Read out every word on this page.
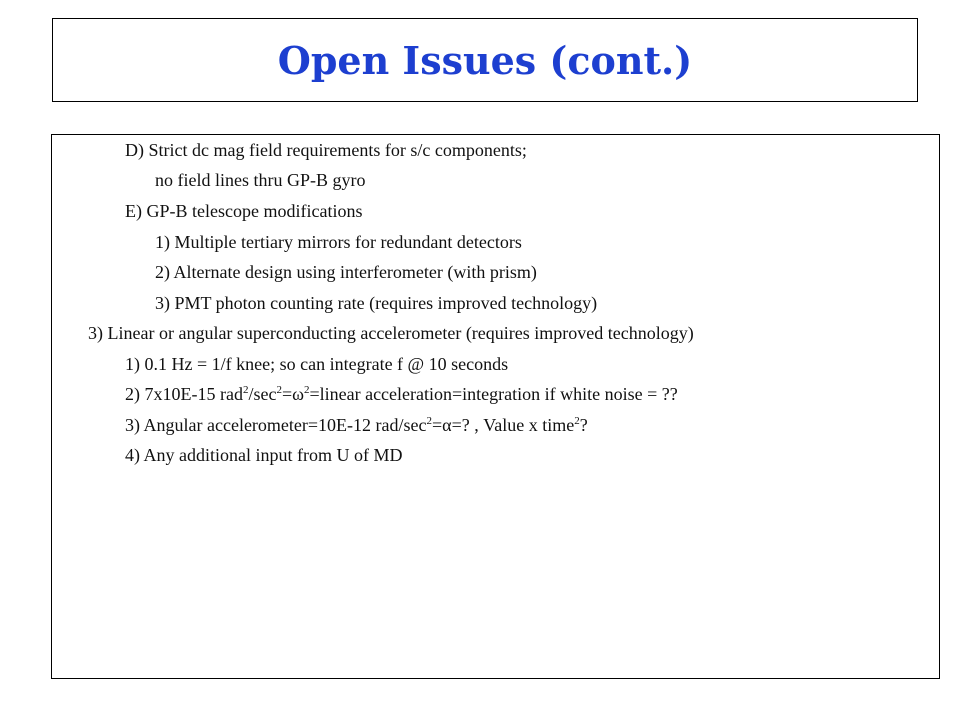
Open Issues (cont.)
D) Strict dc mag field requirements for s/c components;
no field lines thru GP-B gyro
E) GP-B telescope modifications
1) Multiple tertiary mirrors for redundant detectors
2) Alternate design using interferometer (with prism)
3) PMT photon counting rate (requires improved technology)
3) Linear or angular superconducting accelerometer (requires improved technology)
1) 0.1 Hz = 1/f knee; so can integrate f @ 10 seconds
2) 7x10E-15 $rad^2/\sec^2=\omega^2=linear$ acceleration=integration if white noise = ??
3) Angular accelerometer=10E-12 rad/$\sec^2=\alpha=$? , Value x time$^2$?
4) Any additional input from U of MD
